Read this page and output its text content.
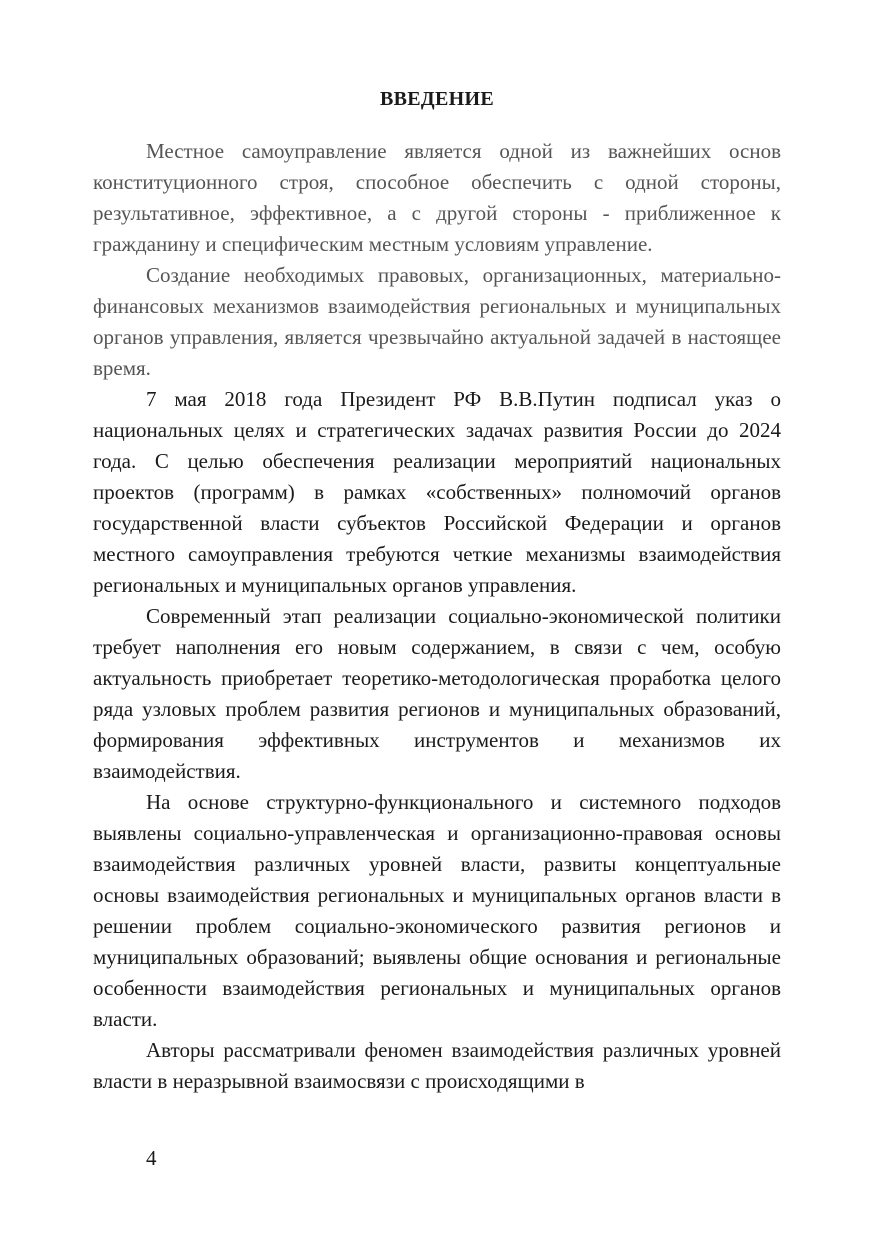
ВВЕДЕНИЕ

Местное самоуправление является одной из важнейших основ конституционного строя, способное обеспечить с одной стороны, результативное, эффективное, а с другой стороны - приближенное к гражданину и специфическим местным условиям управление.

Создание необходимых правовых, организационных, материально-финансовых механизмов взаимодействия региональных и муниципальных органов управления, является чрезвычайно актуальной задачей в настоящее время.

7 мая 2018 года Президент РФ В.В.Путин подписал указ о национальных целях и стратегических задачах развития России до 2024 года. С целью обеспечения реализации мероприятий национальных проектов (программ) в рамках «собственных» полномочий органов государственной власти субъектов Российской Федерации и органов местного самоуправления требуются четкие механизмы взаимодействия региональных и муниципальных органов управления.

Современный этап реализации социально-экономической политики требует наполнения его новым содержанием, в связи с чем, особую актуальность приобретает теоретико-методологическая проработка целого ряда узловых проблем развития регионов и муниципальных образований, формирования эффективных инструментов и механизмов их взаимодействия.

На основе структурно-функционального и системного подходов выявлены социально-управленческая и организационно-правовая основы взаимодействия различных уровней власти, развиты концептуальные основы взаимодействия региональных и муниципальных органов власти в решении проблем социально-экономического развития регионов и муниципальных образований; выявлены общие основания и региональные особенности взаимодействия региональных и муниципальных органов власти.

Авторы рассматривали феномен взаимодействия различных уровней власти в неразрывной взаимосвязи с происходящими в

4
